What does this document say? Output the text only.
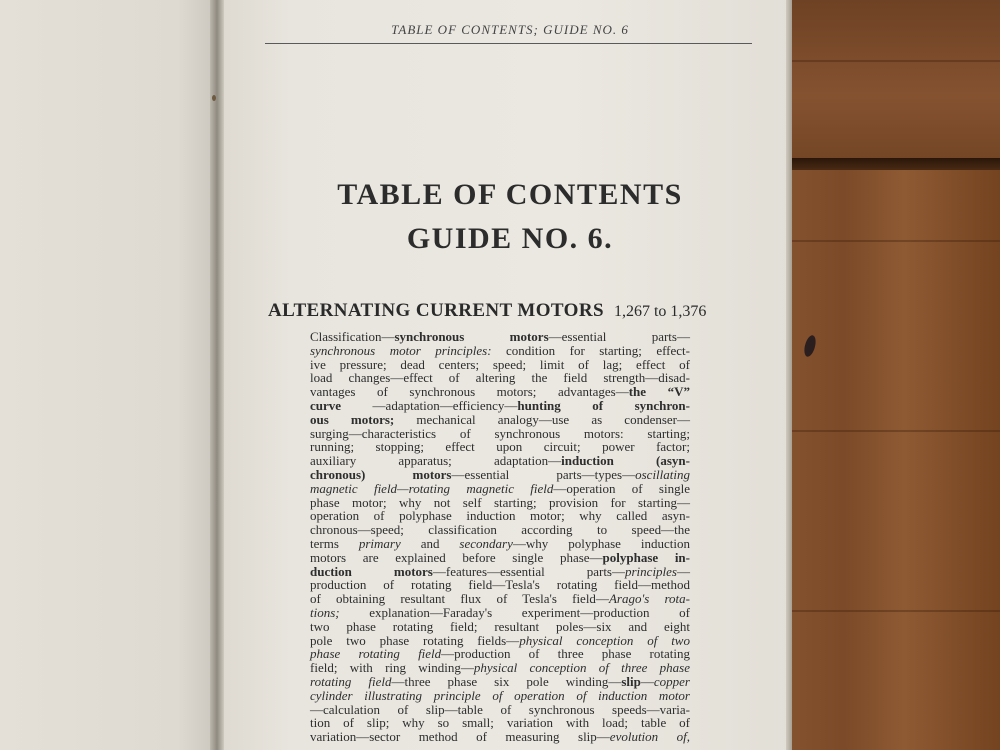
TABLE OF CONTENTS; GUIDE NO. 6
TABLE OF CONTENTS
GUIDE NO. 6.
ALTERNATING CURRENT MOTORS 1,267 to 1,376
Classification—synchronous motors—essential parts—
synchronous motor principles: condition for starting; effect-
ive pressure; dead centers; speed; limit of lag; effect of
load changes—effect of altering the field strength—disad-
vantages of synchronous motors; advantages—the “V”
curve —adaptation—efficiency—hunting of synchron-
ous motors; mechanical analogy—use as condenser—
surging—characteristics of synchronous motors: starting;
running; stopping; effect upon circuit; power factor;
auxiliary apparatus; adaptation—induction (asyn-
chronous) motors—essential parts—types—oscillating
magnetic field—rotating magnetic field—operation of single
phase motor; why not self starting; provision for starting—
operation of polyphase induction motor; why called asyn-
chronous—speed; classification according to speed—the
terms primary and secondary—why polyphase induction
motors are explained before single phase—polyphase in-
duction motors—features—essential parts—principles—
production of rotating field—Tesla's rotating field—method
of obtaining resultant flux of Tesla's field—Arago's rota-
tions; explanation—Faraday's experiment—production of
two phase rotating field; resultant poles—six and eight
pole two phase rotating fields—physical conception of two
phase rotating field—production of three phase rotating
field; with ring winding—physical conception of three phase
rotating field—three phase six pole winding—slip—copper
cylinder illustrating principle of operation of induction motor
—calculation of slip—table of synchronous speeds—varia-
tion of slip; why so small; variation with load; table of
variation—sector method of measuring slip—evolution of,
